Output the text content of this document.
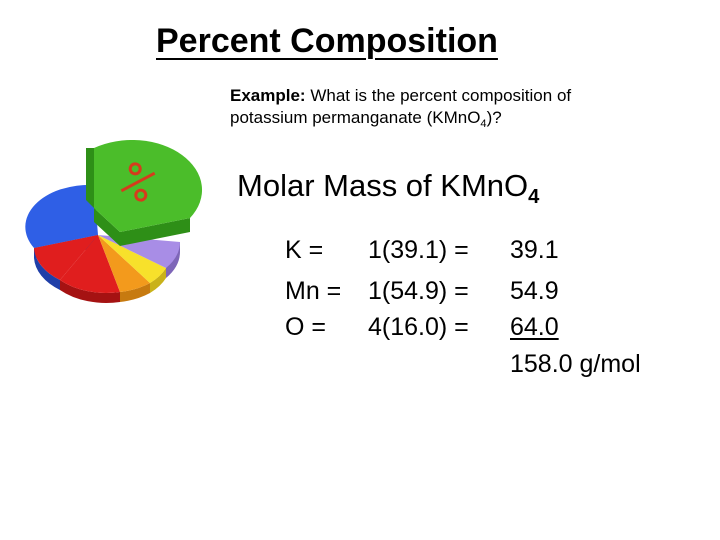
Percent Composition
Example: What is the percent composition of
potassium permanganate (KMnO$_4$)?
Molar Mass of KMnO$_4$
K = 1(39.1) = 39.1
Mn = 1(54.9) = 54.9
O = 4(16.0) = 64.0
158.0 g/mol
